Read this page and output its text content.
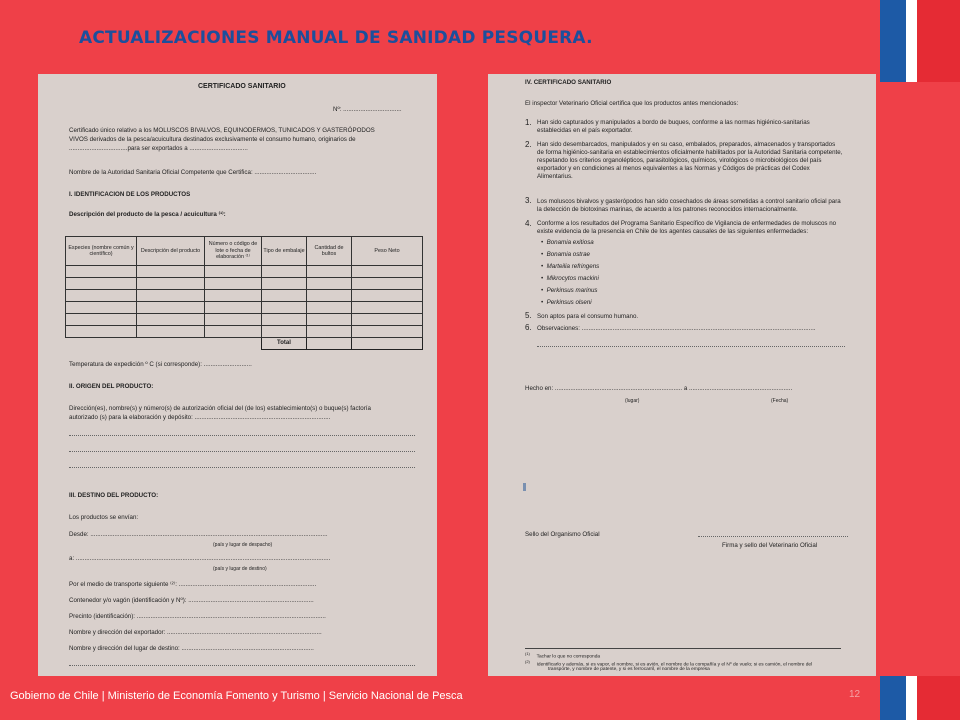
ACTUALIZACIONES MANUAL DE SANIDAD PESQUERA.
CERTIFICADO SANITARIO
Nº: ..................................
Certificado único relativo a los MOLUSCOS BIVALVOS, EQUINODERMOS, TUNICADOS Y GASTERÓPODOS
VIVOS derivados de la pesca/acuicultura destinados exclusivamente el consumo humano, originarios de
..................................para ser exportados a ..................................
Nombre de la Autoridad Sanitaria Oficial Competente que Certifica: ....................................
I. IDENTIFICACION DE LOS PRODUCTOS
Descripción del producto de la pesca / acuicultura ⁽¹⁾:
Especies (nombre común y científico)	Descripción del producto	Número o código de lote o fecha de elaboración ⁽¹⁾	Tipo de embalaje	Cantidad de bultos	Peso Neto

			Total		
Temperatura de expedición º C (si corresponde): ............................
II. ORIGEN DEL PRODUCTO:
Dirección(es), nombre(s) y número(s) de autorización oficial del (de los) establecimiento(s) o buque(s) factoría
autorizado (s) para la elaboración y depósito: ...............................................................................
III. DESTINO DEL PRODUCTO:
Los productos se envían:
Desde: ..........................................................................................................................................
(país y lugar de despacho)
a: ....................................................................................................................................................
(país y lugar de destino)
Por el medio de transporte siguiente ⁽²⁾: ................................................................................
Contenedor y/o vagón (identificación y Nº): .........................................................................
Precinto (identificación): ..............................................................................................................
Nombre y dirección del exportador: ..........................................................................................
Nombre y dirección del lugar de destino: .............................................................................
IV. CERTIFICADO SANITARIO
El inspector Veterinario Oficial certifica que los productos antes mencionados:
1. Han sido capturados y manipulados a bordo de buques, conforme a las normas higiénico-sanitarias
establecidas en el país exportador.
2. Han sido desembarcados, manipulados y en su caso, embalados, preparados, almacenados y transportados
de forma higiénico-sanitaria en establecimientos oficialmente habilitados por la Autoridad Sanitaria competente,
respetando los criterios organolépticos, parasitológicos, químicos, virológicos o microbiológicos del país
exportador y en condiciones al menos equivalentes a las Normas y Códigos de prácticas del Codex
Alimentarius.
3. Los moluscos bivalvos y gasterópodos han sido cosechados de áreas sometidas a control sanitario oficial para
la detección de biotoxinas marinas, de acuerdo a los patrones reconocidos internacionalmente.
4. Conforme a los resultados del Programa Sanitario Específico de Vigilancia de enfermedades de moluscos no
existe evidencia de la presencia en Chile de los agentes causales de las siguientes enfermedades:
•  Bonamia exitiosa
•  Bonamia ostrae
•  Marteilia refringens
•  Mikrocytos mackini
•  Perkinsus marinus
•  Perkinsus olseni
5. Son aptos para el consumo humano.
6. Observaciones: ........................................................................................................................................
Hecho en: .......................................................................... a ............................................................
(lugar)	(Fecha)
Sello del Organismo Oficial
Firma y sello del Veterinario Oficial
$^{(1)}$     Tachar lo que no corresponda
$^{(2)}$     Identificarlo y además, si es vapor, el nombre, si es avión, el nombre de la compañía y el Nº de vuelo; si es camión, el nombre del
transporte, y nombre de patente, y si es ferrocarril, el nombre de la empresa
Gobierno de Chile | Ministerio de Economía Fomento y Turismo | Servicio Nacional de Pesca	12
